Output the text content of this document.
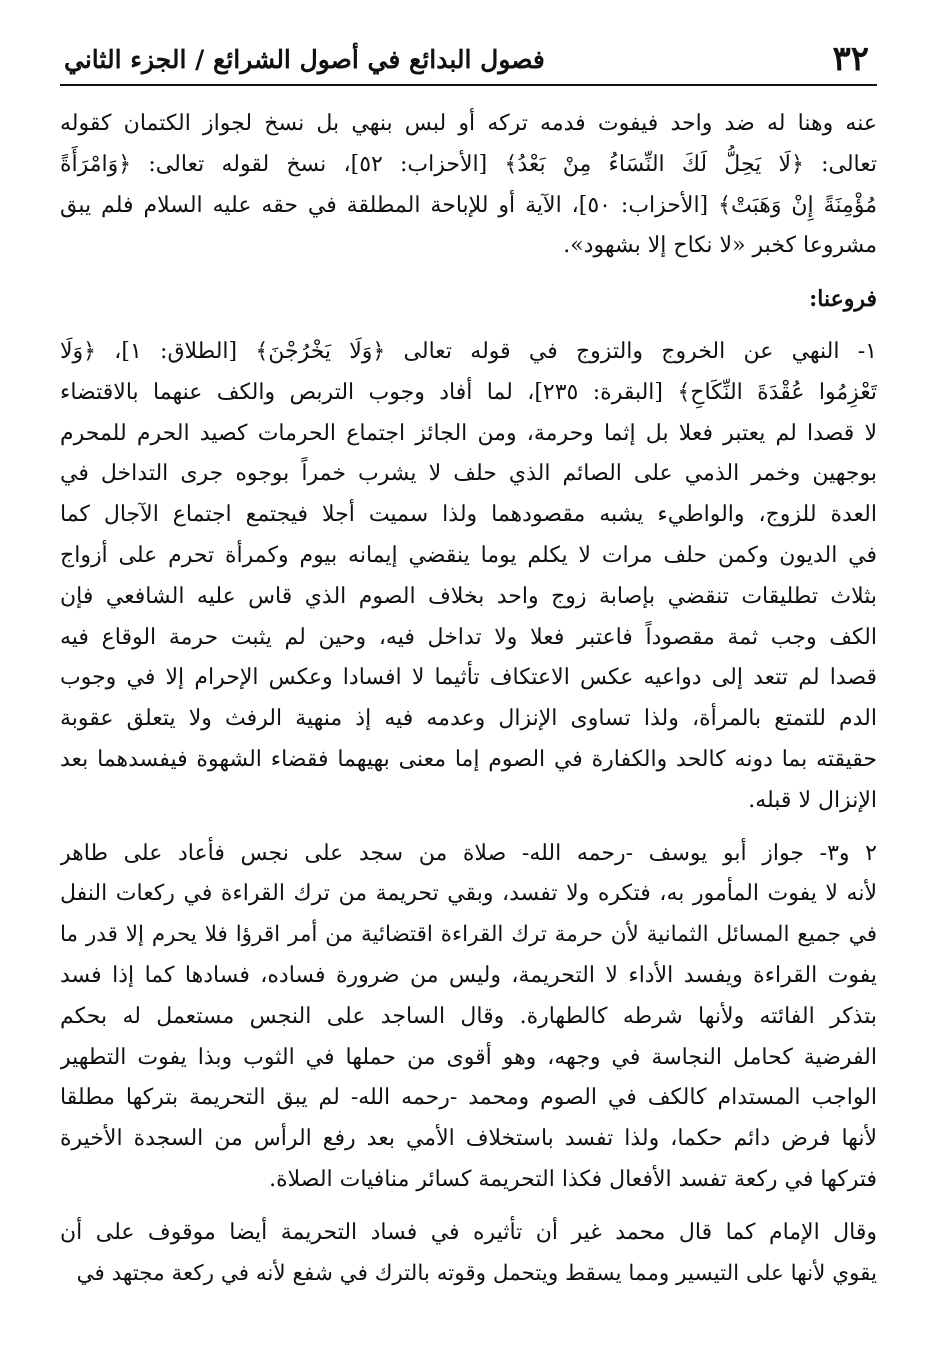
٣٢
فصول البدائع في أصول الشرائع / الجزء الثاني
عنه وهنا له ضد واحد فيفوت فدمه تركه أو لبس بنهي بل نسخ لجواز الكتمان كقوله
تعالى: ﴿لَا يَحِلُّ لَكَ النِّسَاءُ مِنْ بَعْدُ﴾ [الأحزاب: ٥٢]، نسخ لقوله تعالى: ﴿وَامْرَأَةً
مُؤْمِنَةً إِنْ وَهَبَتْ﴾ [الأحزاب: ٥٠]، الآية أو للإباحة المطلقة في حقه عليه السلام فلم يبق
مشروعا كخبر «لا نكاح إلا بشهود».
فروعنا:
١- النهي عن الخروج والتزوج في قوله تعالى ﴿وَلَا يَخْرُجْنَ﴾ [الطلاق: ١]، ﴿وَلَا
تَعْزِمُوا عُقْدَةَ النِّكَاحِ﴾ [البقرة: ٢٣٥]، لما أفاد وجوب التربص والكف عنهما بالاقتضاء
لا قصدا لم يعتبر فعلا بل إثما وحرمة، ومن الجائز اجتماع الحرمات كصيد الحرم للمحرم
بوجهين وخمر الذمي على الصائم الذي حلف لا يشرب خمراً بوجوه جرى التداخل في
العدة للزوج، والواطيء يشبه مقصودهما ولذا سميت أجلا فيجتمع اجتماع الآجال كما
في الديون وكمن حلف مرات لا يكلم يوما ينقضي إيمانه بيوم وكمرأة تحرم على أزواج
بثلاث تطليقات تنقضي بإصابة زوج واحد بخلاف الصوم الذي قاس عليه الشافعي فإن
الكف وجب ثمة مقصوداً فاعتبر فعلا ولا تداخل فيه، وحين لم يثبت حرمة الوقاع فيه
قصدا لم تتعد إلى دواعيه عكس الاعتكاف تأثيما لا افسادا وعكس الإحرام إلا في وجوب
الدم للتمتع بالمرأة، ولذا تساوى الإنزال وعدمه فيه إذ منهية الرفث ولا يتعلق عقوبة
حقيقته بما دونه كالحد والكفارة في الصوم إما معنى بهيهما فقضاء الشهوة فيفسدهما بعد
الإنزال لا قبله.
٢ و٣- جواز أبو يوسف -رحمه الله- صلاة من سجد على نجس فأعاد على طاهر
لأنه لا يفوت المأمور به، فتكره ولا تفسد، وبقي تحريمة من ترك القراءة في ركعات النفل
في جميع المسائل الثمانية لأن حرمة ترك القراءة اقتضائية من أمر اقرؤا فلا يحرم إلا قدر ما
يفوت القراءة ويفسد الأداء لا التحريمة، وليس من ضرورة فساده، فسادها كما إذا فسد
بتذكر الفائته ولأنها شرطه كالطهارة. وقال الساجد على النجس مستعمل له بحكم
الفرضية كحامل النجاسة في وجهه، وهو أقوى من حملها في الثوب وبذا يفوت التطهير
الواجب المستدام كالكف في الصوم ومحمد -رحمه الله- لم يبق التحريمة بتركها مطلقا
لأنها فرض دائم حكما، ولذا تفسد باستخلاف الأمي بعد رفع الرأس من السجدة الأخيرة
فتركها في ركعة تفسد الأفعال فكذا التحريمة كسائر منافيات الصلاة.
وقال الإمام كما قال محمد غير أن تأثيره في فساد التحريمة أيضا موقوف على أن
يقوي لأنها على التيسير ومما يسقط ويتحمل وقوته بالترك في شفع لأنه في ركعة مجتهد في
